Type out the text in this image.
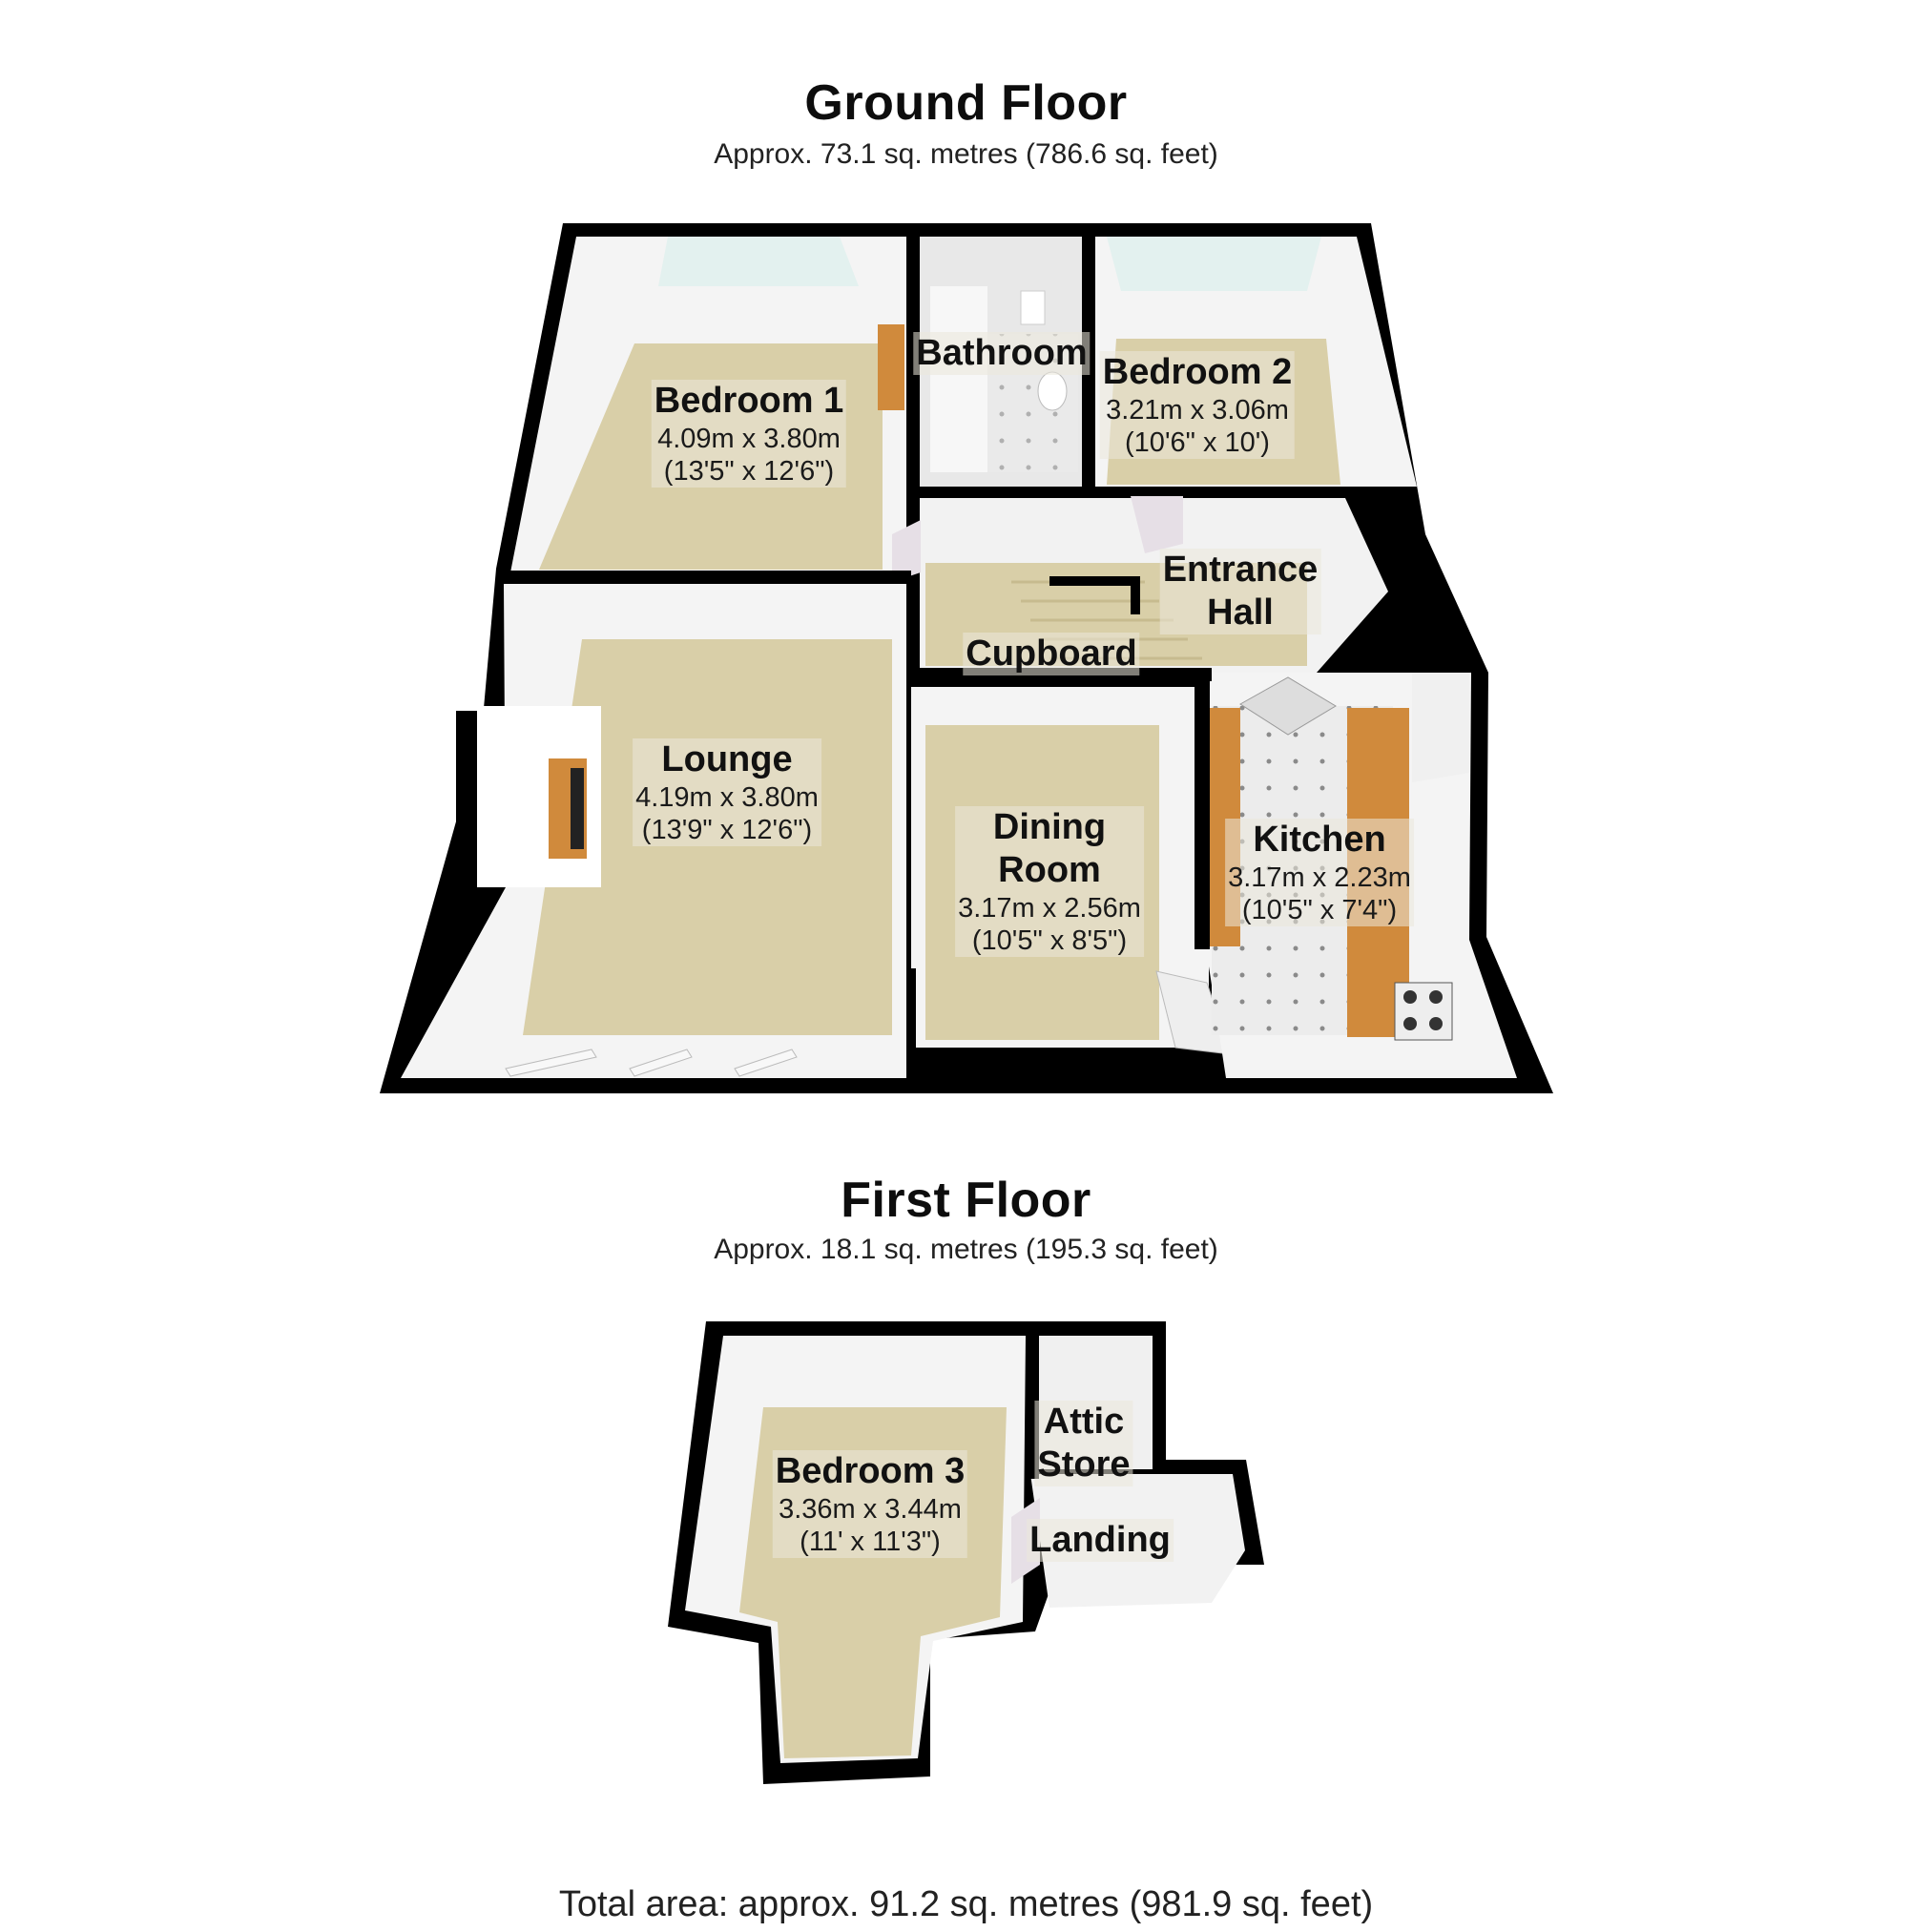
Ground Floor
Approx. 73.1 sq. metres (786.6 sq. feet)
Bedroom 1
4.09m x 3.80m
(13'5" x 12'6")
Bathroom Bedroom 2
3.21m x 3.06m
(10'6" x 10')
Entrance
Hall
Cupboard
Lounge
4.19m x 3.80m
(13'9" x 12'6")	Dining
Room
3.17m x 2.56m
(10'5" x 8'5")
Kitchen
3.17m x 2.23m
(10'5" x 7'4")
First Floor
Approx. 18.1 sq. metres (195.3 sq. feet)
Bedroom 3
3.36m x 3.44m
(11' x 11'3")
Attic
Store
Landing
Total area: approx. 91.2 sq. metres (981.9 sq. feet)
